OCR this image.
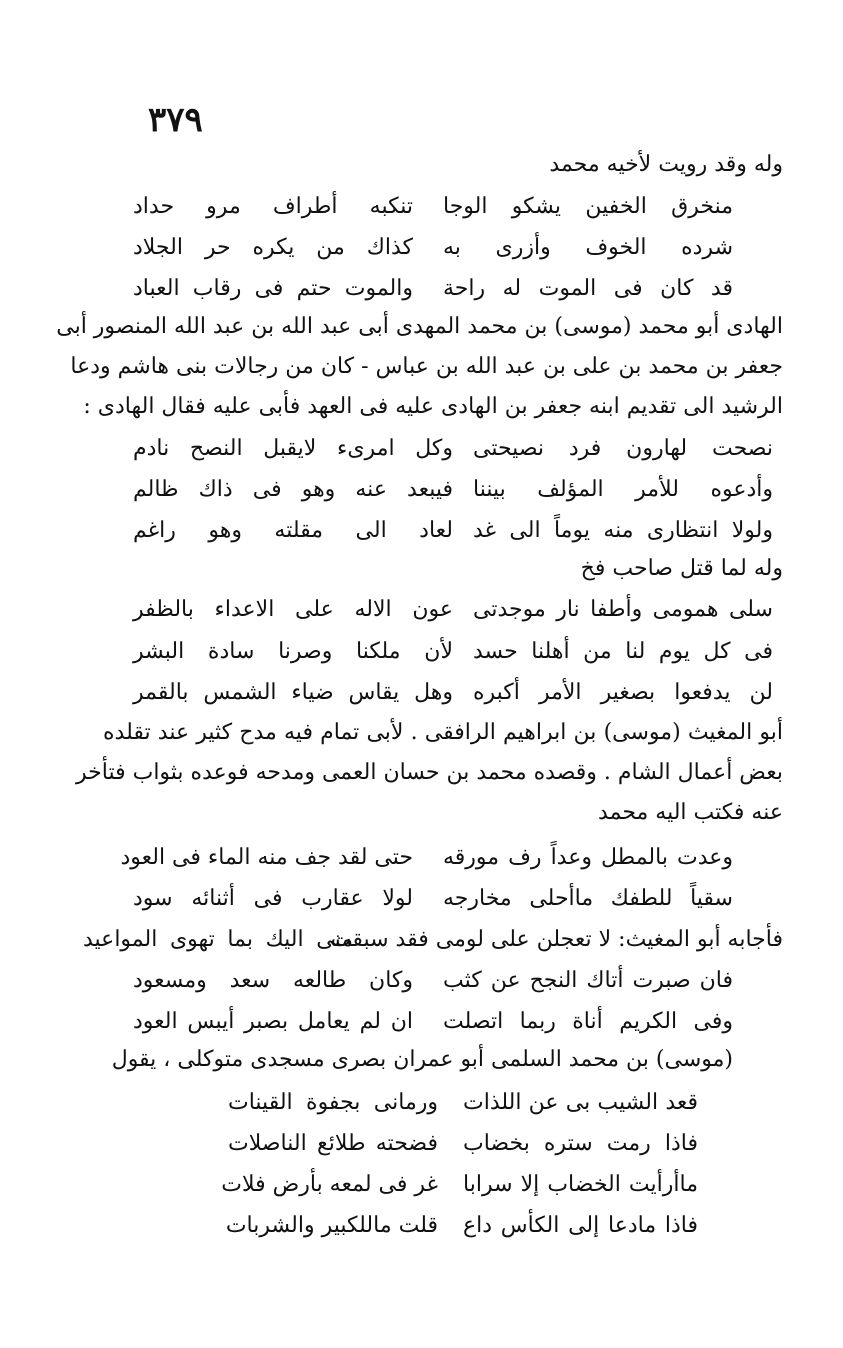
٣٧٩
وله وقد رويت لأخيه محمد
منخرق الخفين يشكو الوجا
تنكبه أطراف مرو حداد
شرده الخوف وأزرى به
كذاك من يكره حر الجلاد
قد كان فى الموت له راحة
والموت حتم فى رقاب العباد
الهادى أبو محمد (موسى) بن محمد المهدى أبى عبد الله بن عبد الله المنصور أبى
جعفر بن محمد بن على بن عبد الله بن عباس ‑ كان من رجالات بنى هاشم ودعا
الرشيد الى تقديم ابنه جعفر بن الهادى عليه فى العهد فأبى عليه فقال الهادى :
نصحت لهارون فرد نصيحتى
وكل امرىء لايقبل النصح نادم
وأدعوه للأمر المؤلف بيننا
فيبعد عنه وهو فى ذاك ظالم
ولولا انتظارى منه يوماً الى غد
لعاد الى مقلته وهو راغم
وله لما قتل صاحب فخ
سلى همومى وأطفا نار موجدتى
عون الاله على الاعداء بالظفر
فى كل يوم لنا من أهلنا حسد
لأن ملكنا وصرنا سادة البشر
لن يدفعوا بصغير الأمر أكبره
وهل يقاس ضياء الشمس بالقمر
أبو المغيث (موسى) بن ابراهيم الرافقى . لأبى تمام فيه مدح كثير عند تقلده
بعض أعمال الشام . وقصده محمد بن حسان العمى ومدحه فوعده بثواب فتأخر
عنه فكتب اليه محمد
وعدت بالمطل وعداً رف مورقه
حتى لقد جف منه الماء فى العود
سقياً للطفك ماأحلى مخارجه
لولا عقارب فى أثنائه سود
فأجابه أبو المغيث: لا تعجلن على لومى فقد سبقت
منى اليك بما تهوى المواعيد
فان صبرت أتاك النجح عن كثب
وكان طالعه سعد ومسعود
وفى الكريم أناة ربما اتصلت
ان لم يعامل بصبر أيبس العود
(موسى) بن محمد السلمى أبو عمران بصرى مسجدى متوكلى ، يقول
قعد الشيب بى عن اللذات
ورمانى بجفوة القينات
فاذا رمت ستره بخضاب
فضحته طلائع الناصلات
ماأرأيت الخضاب إلا سرابا
غر فى لمعه بأرض فلات
فاذا مادعا إلى الكأس داع
قلت ماللكبير والشربات
